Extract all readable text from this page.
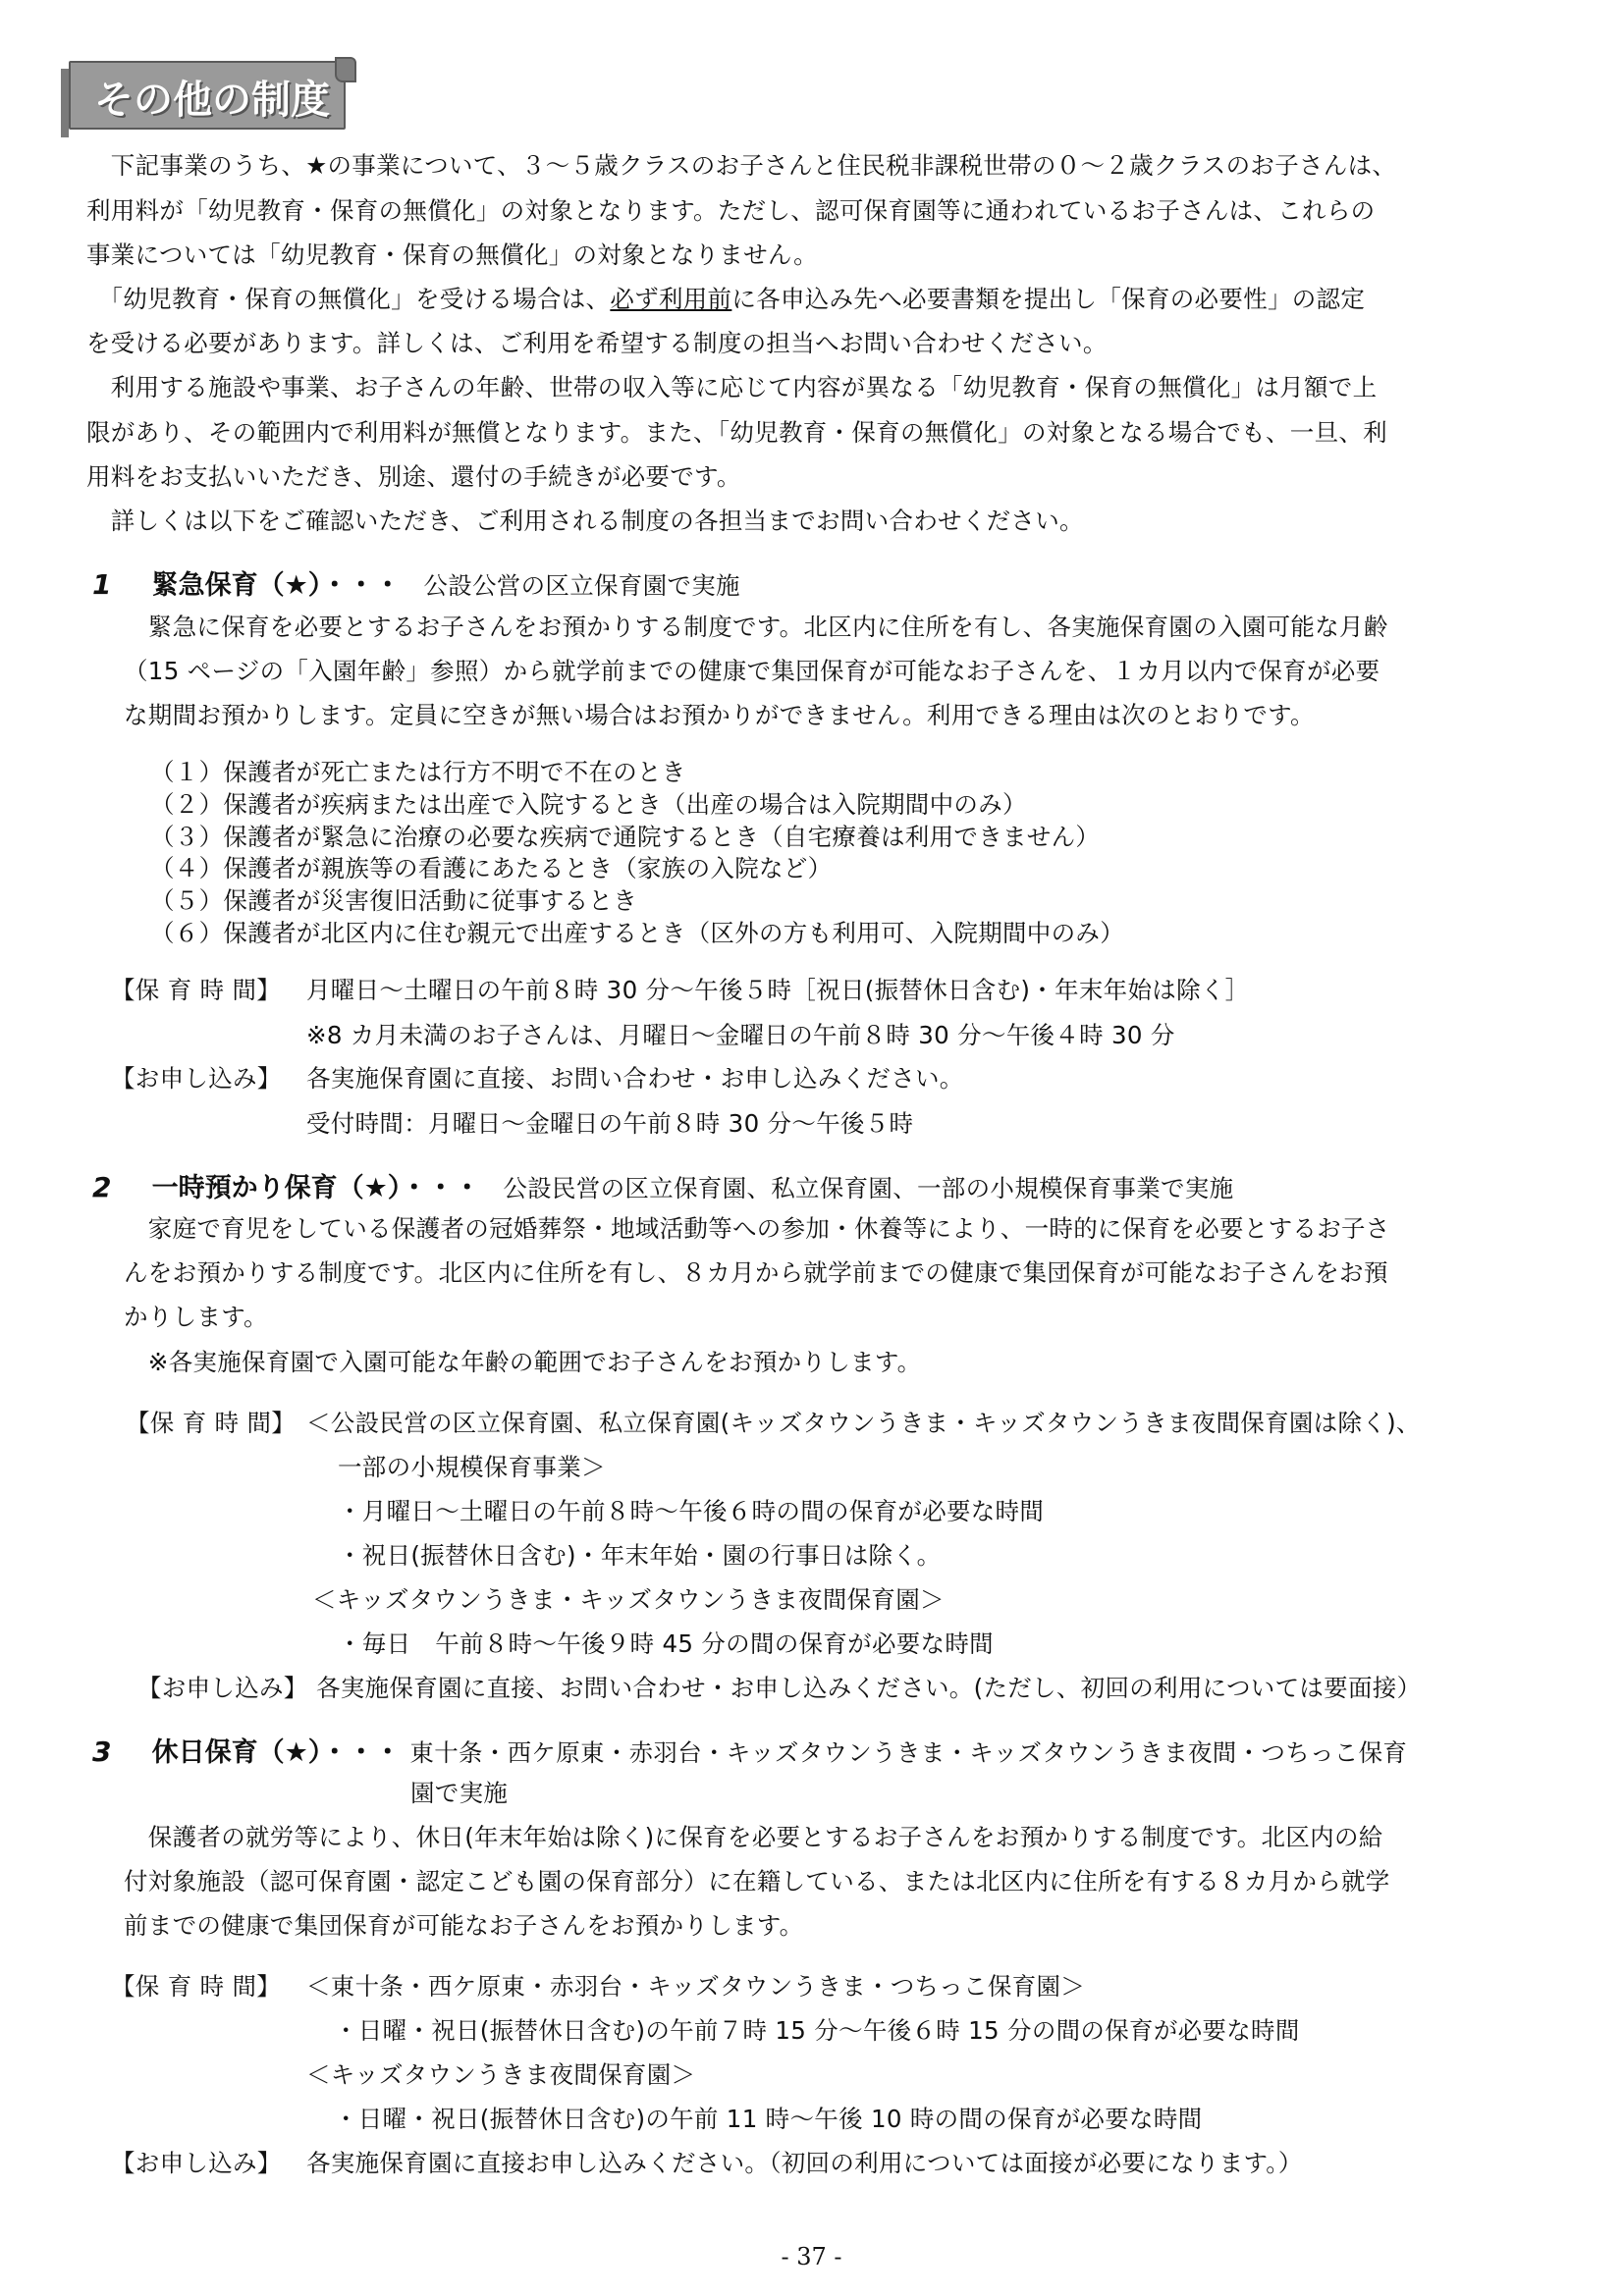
その他の制度
　下記事業のうち、★の事業について、３～５歳クラスのお子さんと住民税非課税世帯の０～２歳クラスのお子さんは、
利用料が「幼児教育・保育の無償化」の対象となります。ただし、認可保育園等に通われているお子さんは、これらの
事業については「幼児教育・保育の無償化」の対象となりません。
　「幼児教育・保育の無償化」を受ける場合は、必ず利用前に各申込み先へ必要書類を提出し「保育の必要性」の認定
を受ける必要があります。詳しくは、ご利用を希望する制度の担当へお問い合わせください。
　利用する施設や事業、お子さんの年齢、世帯の収入等に応じて内容が異なる「幼児教育・保育の無償化」は月額で上
限があり、その範囲内で利用料が無償となります。また、「幼児教育・保育の無償化」の対象となる場合でも、一旦、利
用料をお支払いいただき、別途、還付の手続きが必要です。
　詳しくは以下をご確認いただき、ご利用される制度の各担当までお問い合わせください。
1 緊急保育（★）・・・ 公設公営の区立保育園で実施
　緊急に保育を必要とするお子さんをお預かりする制度です。北区内に住所を有し、各実施保育園の入園可能な月齢
（15 ページの「入園年齢」参照）から就学前までの健康で集団保育が可能なお子さんを、１カ月以内で保育が必要
な期間お預かりします。定員に空きが無い場合はお預かりができません。利用できる理由は次のとおりです。
（１）保護者が死亡または行方不明で不在のとき
（２）保護者が疾病または出産で入院するとき（出産の場合は入院期間中のみ）
（３）保護者が緊急に治療の必要な疾病で通院するとき（自宅療養は利用できません）
（４）保護者が親族等の看護にあたるとき（家族の入院など）
（５）保護者が災害復旧活動に従事するとき
（６）保護者が北区内に住む親元で出産するとき（区外の方も利用可、入院期間中のみ）
【保 育 時 間】 月曜日～土曜日の午前８時 30 分～午後５時［祝日(振替休日含む)・年末年始は除く］
※8 カ月未満のお子さんは、月曜日～金曜日の午前８時 30 分～午後４時 30 分
【お申し込み】 各実施保育園に直接、お問い合わせ・お申し込みください。
受付時間：月曜日～金曜日の午前８時 30 分～午後５時
2 一時預かり保育（★）・・・ 公設民営の区立保育園、私立保育園、一部の小規模保育事業で実施
　家庭で育児をしている保護者の冠婚葬祭・地域活動等への参加・休養等により、一時的に保育を必要とするお子さ
んをお預かりする制度です。北区内に住所を有し、８カ月から就学前までの健康で集団保育が可能なお子さんをお預
かりします。
　※各実施保育園で入園可能な年齢の範囲でお子さんをお預かりします。
【保 育 時 間】 ＜公設民営の区立保育園、私立保育園(キッズタウンうきま・キッズタウンうきま夜間保育園は除く)、
一部の小規模保育事業＞
・月曜日～土曜日の午前８時～午後６時の間の保育が必要な時間
・祝日(振替休日含む)・年末年始・園の行事日は除く。
＜キッズタウンうきま・キッズタウンうきま夜間保育園＞
・毎日　午前８時～午後９時 45 分の間の保育が必要な時間
【お申し込み】 各実施保育園に直接、お問い合わせ・お申し込みください。(ただし、初回の利用については要面接）
3 休日保育（★）・・・ 東十条・西ケ原東・赤羽台・キッズタウンうきま・キッズタウンうきま夜間・つちっこ保育
園で実施
　保護者の就労等により、休日(年末年始は除く)に保育を必要とするお子さんをお預かりする制度です。北区内の給
付対象施設（認可保育園・認定こども園の保育部分）に在籍している、または北区内に住所を有する８カ月から就学
前までの健康で集団保育が可能なお子さんをお預かりします。
【保 育 時 間】 ＜東十条・西ケ原東・赤羽台・キッズタウンうきま・つちっこ保育園＞
・日曜・祝日(振替休日含む)の午前７時 15 分～午後６時 15 分の間の保育が必要な時間
＜キッズタウンうきま夜間保育園＞
・日曜・祝日(振替休日含む)の午前 11 時～午後 10 時の間の保育が必要な時間
【お申し込み】 各実施保育園に直接お申し込みください。（初回の利用については面接が必要になります。）
- 37 -
